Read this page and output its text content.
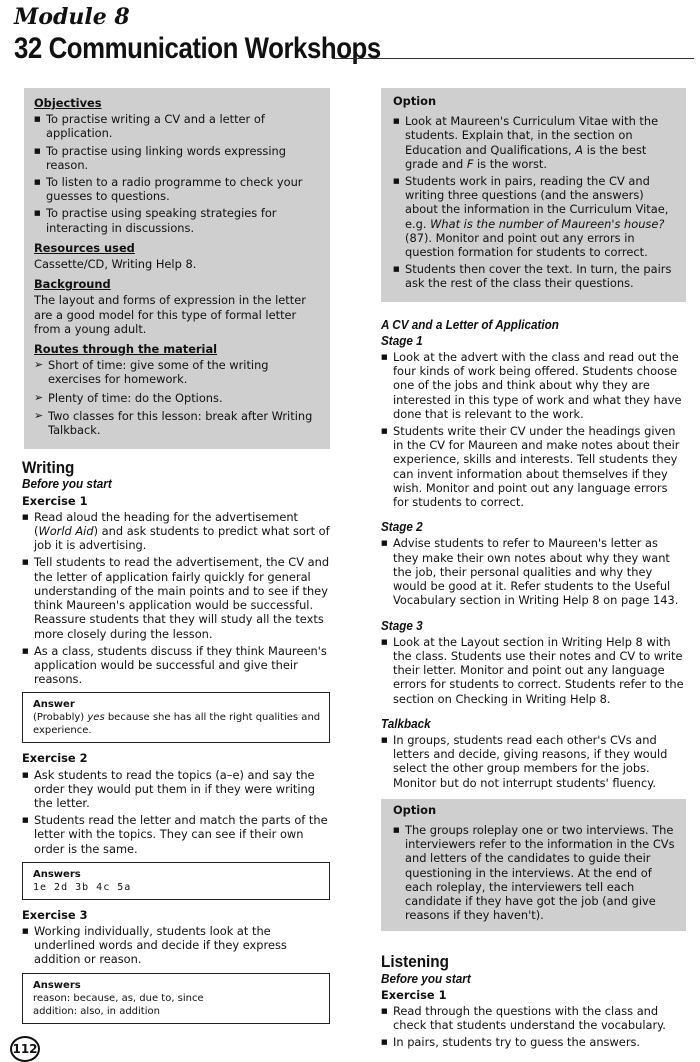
Module 8
32 Communication Workshops
Objectives
■ To practise writing a CV and a letter of application.
■ To practise using linking words expressing reason.
■ To listen to a radio programme to check your guesses to questions.
■ To practise using speaking strategies for interacting in discussions.
Resources used

Cassette/CD, Writing Help 8.

Background

The layout and forms of expression in the letter are a good model for this type of formal letter from a young adult.

Routes through the material
➢ Short of time: give some of the writing exercises for homework.
➢ Plenty of time: do the Options.
➢ Two classes for this lesson: break after Writing Talkback.
Writing
Before you start
Exercise 1
■ Read aloud the heading for the advertisement (World Aid) and ask students to predict what sort of job it is advertising.
■ Tell students to read the advertisement, the CV and the letter of application fairly quickly for general understanding of the main points and to see if they think Maureen's application would be successful. Reassure students that they will study all the texts more closely during the lesson.
■ As a class, students discuss if they think Maureen's application would be successful and give their reasons.
Answer
(Probably) yes because she has all the right qualities and experience.
Exercise 2
■ Ask students to read the topics (a–e) and say the order they would put them in if they were writing the letter.
■ Students read the letter and match the parts of the letter with the topics. They can see if their own order is the same.
Answers
1e 2d 3b 4c 5a
Exercise 3
■ Working individually, students look at the underlined words and decide if they express addition or reason.
Answers
reason: because, as, due to, since
addition: also, in addition
Option
■ Look at Maureen's Curriculum Vitae with the students. Explain that, in the section on Education and Qualifications, A is the best grade and F is the worst.
■ Students work in pairs, reading the CV and writing three questions (and the answers) about the information in the Curriculum Vitae, e.g. What is the number of Maureen's house? (87). Monitor and point out any errors in question formation for students to correct.
■ Students then cover the text. In turn, the pairs ask the rest of the class their questions.
A CV and a Letter of Application
Stage 1
■ Look at the advert with the class and read out the four kinds of work being offered. Students choose one of the jobs and think about why they are interested in this type of work and what they have done that is relevant to the work.
■ Students write their CV under the headings given in the CV for Maureen and make notes about their experience, skills and interests. Tell students they can invent information about themselves if they wish. Monitor and point out any language errors for students to correct.
Stage 2
■ Advise students to refer to Maureen's letter as they make their own notes about why they want the job, their personal qualities and why they would be good at it. Refer students to the Useful Vocabulary section in Writing Help 8 on page 143.
Stage 3
■ Look at the Layout section in Writing Help 8 with the class. Students use their notes and CV to write their letter. Monitor and point out any language errors for students to correct. Students refer to the section on Checking in Writing Help 8.
Talkback
■ In groups, students read each other's CVs and letters and decide, giving reasons, if they would select the other group members for the jobs. Monitor but do not interrupt students' fluency.
Option
■ The groups roleplay one or two interviews. The interviewers refer to the information in the CVs and letters of the candidates to guide their questioning in the interviews. At the end of each roleplay, the interviewers tell each candidate if they have got the job (and give reasons if they haven't).
Listening
Before you start
Exercise 1
■ Read through the questions with the class and check that students understand the vocabulary.
■ In pairs, students try to guess the answers.
112
